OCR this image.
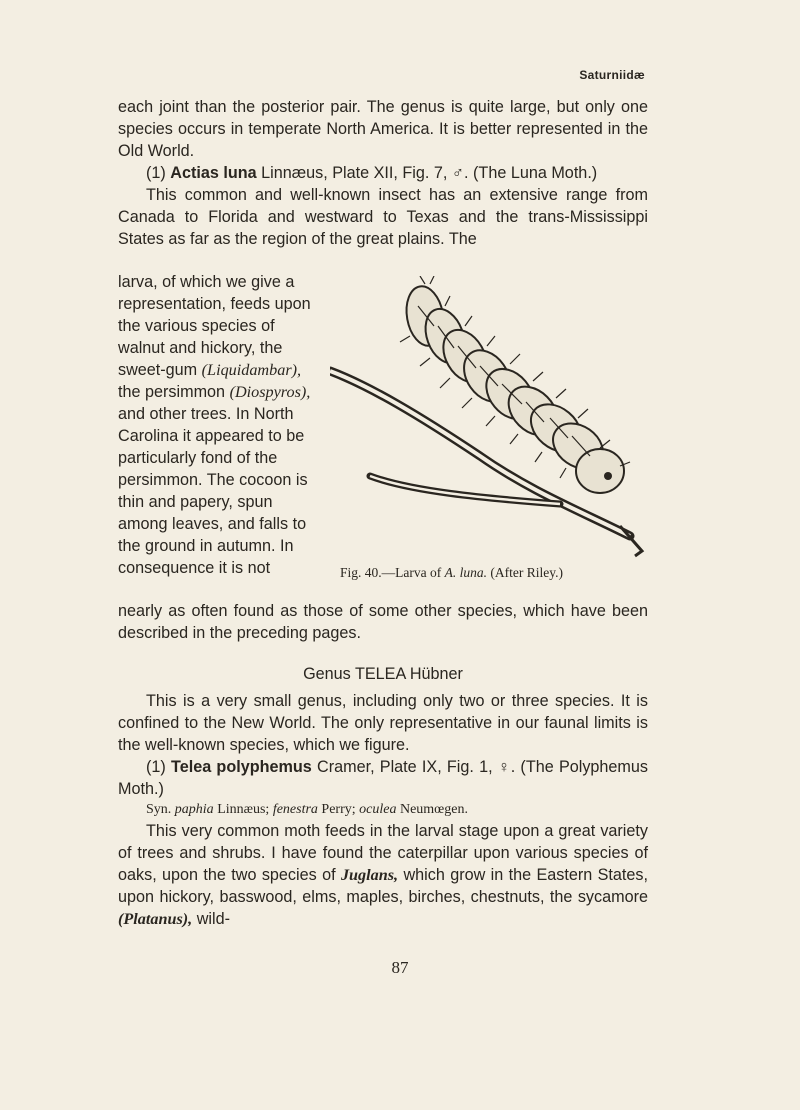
Saturniidæ

each joint than the posterior pair. The genus is quite large, but only one species occurs in temperate North America. It is better represented in the Old World.

(1) Actias luna Linnæus, Plate XII, Fig. 7, ♂. (The Luna Moth.)

This common and well-known insect has an extensive range from Canada to Florida and westward to Texas and the trans-Mississippi States as far as the region of the great plains. The

larva, of which we give a representation, feeds upon the various species of walnut and hickory, the sweet-gum (Liquidambar), the persimmon (Diospyros), and other trees. In North Carolina it appeared to be particularly fond of the persimmon. The cocoon is thin and papery, spun among leaves, and falls to the ground in autumn. In consequence it is not	Fig. 40.—Larva of A. luna. (After Riley.)

nearly as often found as those of some other species, which have been described in the preceding pages.

Genus TELEA Hübner

This is a very small genus, including only two or three species. It is confined to the New World. The only representative in our faunal limits is the well-known species, which we figure.

(1) Telea polyphemus Cramer, Plate IX, Fig. 1, ♀. (The Polyphemus Moth.)

Syn. paphia Linnæus; fenestra Perry; oculea Neumœgen.

This very common moth feeds in the larval stage upon a great variety of trees and shrubs. I have found the caterpillar upon various species of oaks, upon the two species of Juglans, which grow in the Eastern States, upon hickory, basswood, elms, maples, birches, chestnuts, the sycamore (Platanus), wild-

87
